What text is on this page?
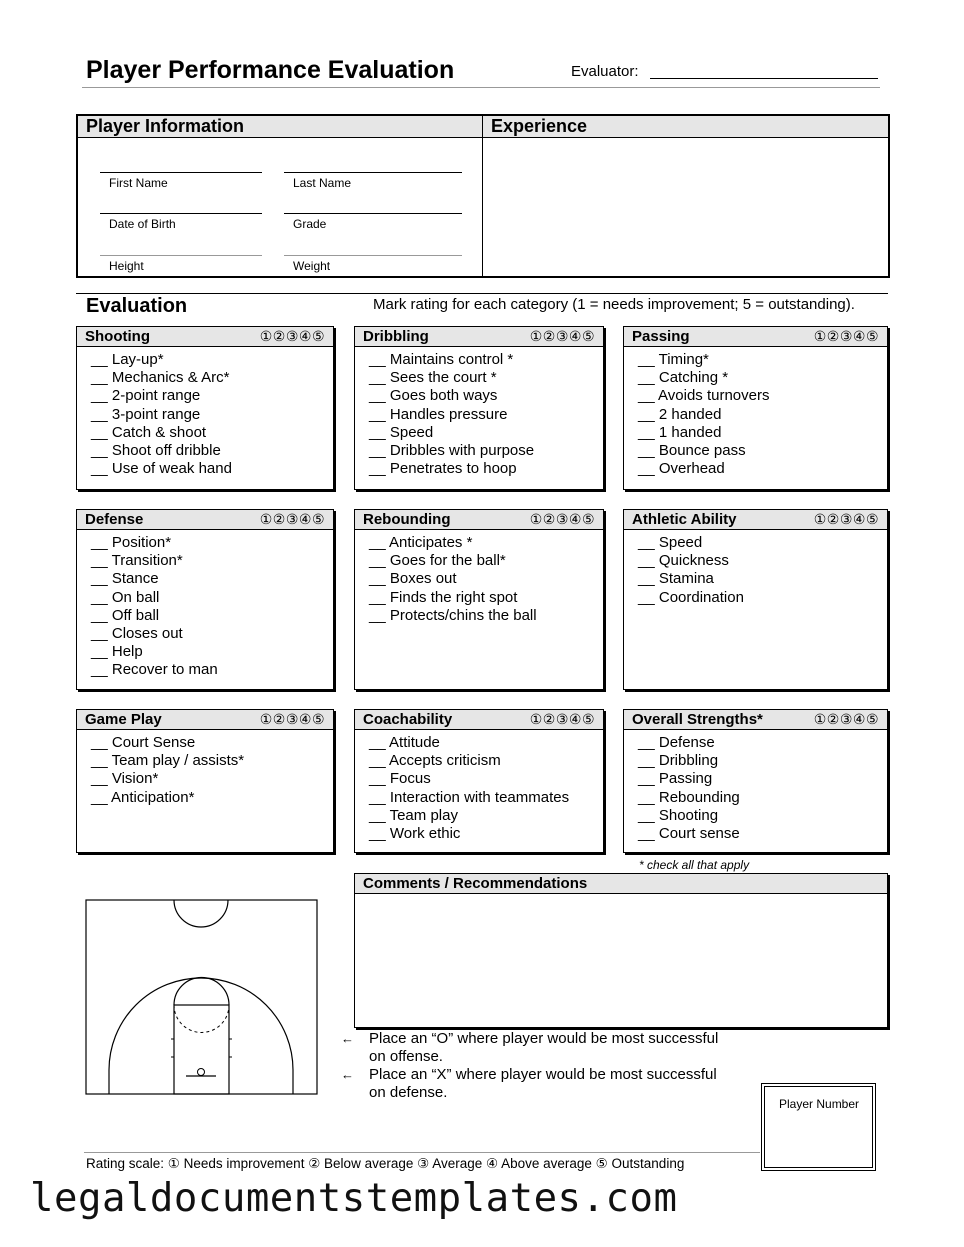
Player Performance Evaluation	Evaluator:
Player Information
First Name	Last Name
Date of Birth	Grade
Height	Weight
Experience
Evaluation	Mark rating for each category (1 = needs improvement; 5 = outstanding).
Shooting	①②③④⑤
__ Lay-up*
__ Mechanics & Arc*
__ 2-point range
__ 3-point range
__ Catch & shoot
__ Shoot off dribble
__ Use of weak hand
Dribbling	①②③④⑤
__ Maintains control *
__ Sees the court *
__ Goes both ways
__ Handles pressure
__ Speed
__ Dribbles with purpose
__ Penetrates to hoop
Passing	①②③④⑤
__ Timing*
__ Catching *
__ Avoids turnovers
__ 2 handed
__ 1 handed
__ Bounce pass
__ Overhead
Defense	①②③④⑤
__ Position*
__ Transition*
__ Stance
__ On ball
__ Off ball
__ Closes out
__ Help
__ Recover to man
Rebounding	①②③④⑤
__ Anticipates *
__ Goes for the ball*
__ Boxes out
__ Finds the right spot
__ Protects/chins the ball
Athletic Ability	①②③④⑤
__ Speed
__ Quickness
__ Stamina
__ Coordination
Game Play	①②③④⑤
__ Court Sense
__ Team play / assists*
__ Vision*
__ Anticipation*
Coachability	①②③④⑤
__ Attitude
__ Accepts criticism
__ Focus
__ Interaction with teammates
__ Team play
__ Work ethic
Overall Strengths*	①②③④⑤
__ Defense
__ Dribbling
__ Passing
__ Rebounding
__ Shooting
__ Court sense
* check all that apply
Comments / Recommendations
← Place an “O” where player would be most successful
on offense.
← Place an “X” where player would be most successful
on defense.
Player Number
Rating scale: ① Needs improvement ② Below average ③ Average ④ Above average ⑤ Outstanding
legaldocumentstemplates.com
